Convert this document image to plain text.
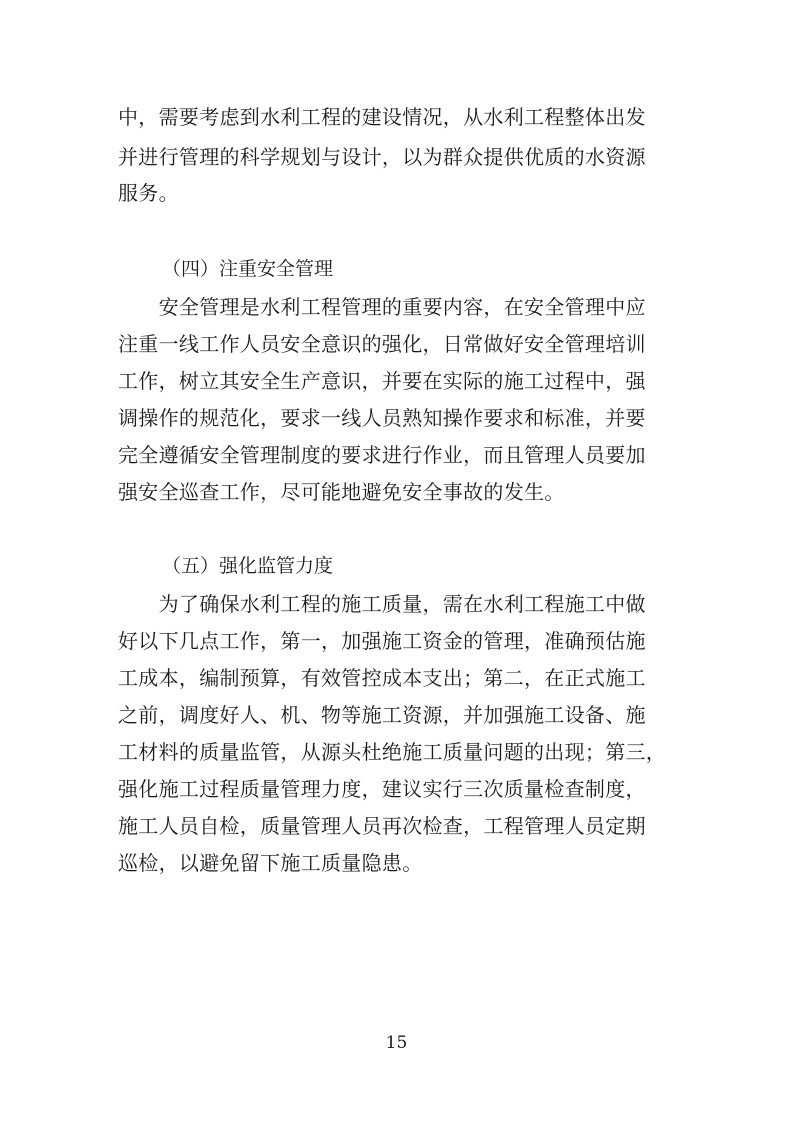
中，需要考虑到水利工程的建设情况，从水利工程整体出发
并进行管理的科学规划与设计，以为群众提供优质的水资源
服务。
（四）注重安全管理
　　安全管理是水利工程管理的重要内容，在安全管理中应
注重一线工作人员安全意识的强化，日常做好安全管理培训
工作，树立其安全生产意识，并要在实际的施工过程中，强
调操作的规范化，要求一线人员熟知操作要求和标准，并要
完全遵循安全管理制度的要求进行作业，而且管理人员要加
强安全巡查工作，尽可能地避免安全事故的发生。
（五）强化监管力度
　　为了确保水利工程的施工质量，需在水利工程施工中做
好以下几点工作，第一，加强施工资金的管理，准确预估施
工成本，编制预算，有效管控成本支出；第二，在正式施工
之前，调度好人、机、物等施工资源，并加强施工设备、施
工材料的质量监管，从源头杜绝施工质量问题的出现；第三，
强化施工过程质量管理力度，建议实行三次质量检查制度，
施工人员自检，质量管理人员再次检查，工程管理人员定期
巡检，以避免留下施工质量隐患。
15
